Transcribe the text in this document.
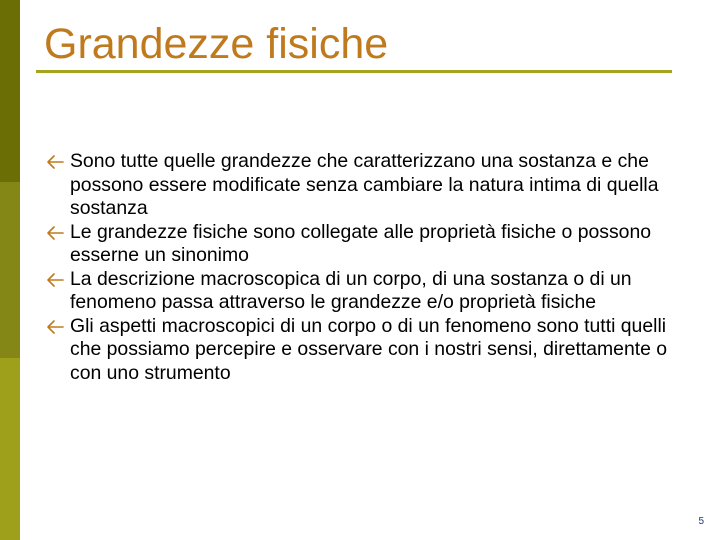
Grandezze fisiche
Sono tutte quelle grandezze che caratterizzano una sostanza e che possono essere modificate senza cambiare la natura intima di quella sostanza
Le grandezze fisiche sono collegate alle proprietà fisiche o possono esserne un sinonimo
La descrizione macroscopica di un corpo, di una sostanza o di un fenomeno passa attraverso le grandezze e/o proprietà fisiche
Gli aspetti macroscopici di un corpo o di un fenomeno sono tutti quelli che possiamo percepire e osservare con i nostri sensi, direttamente o con uno strumento
5
